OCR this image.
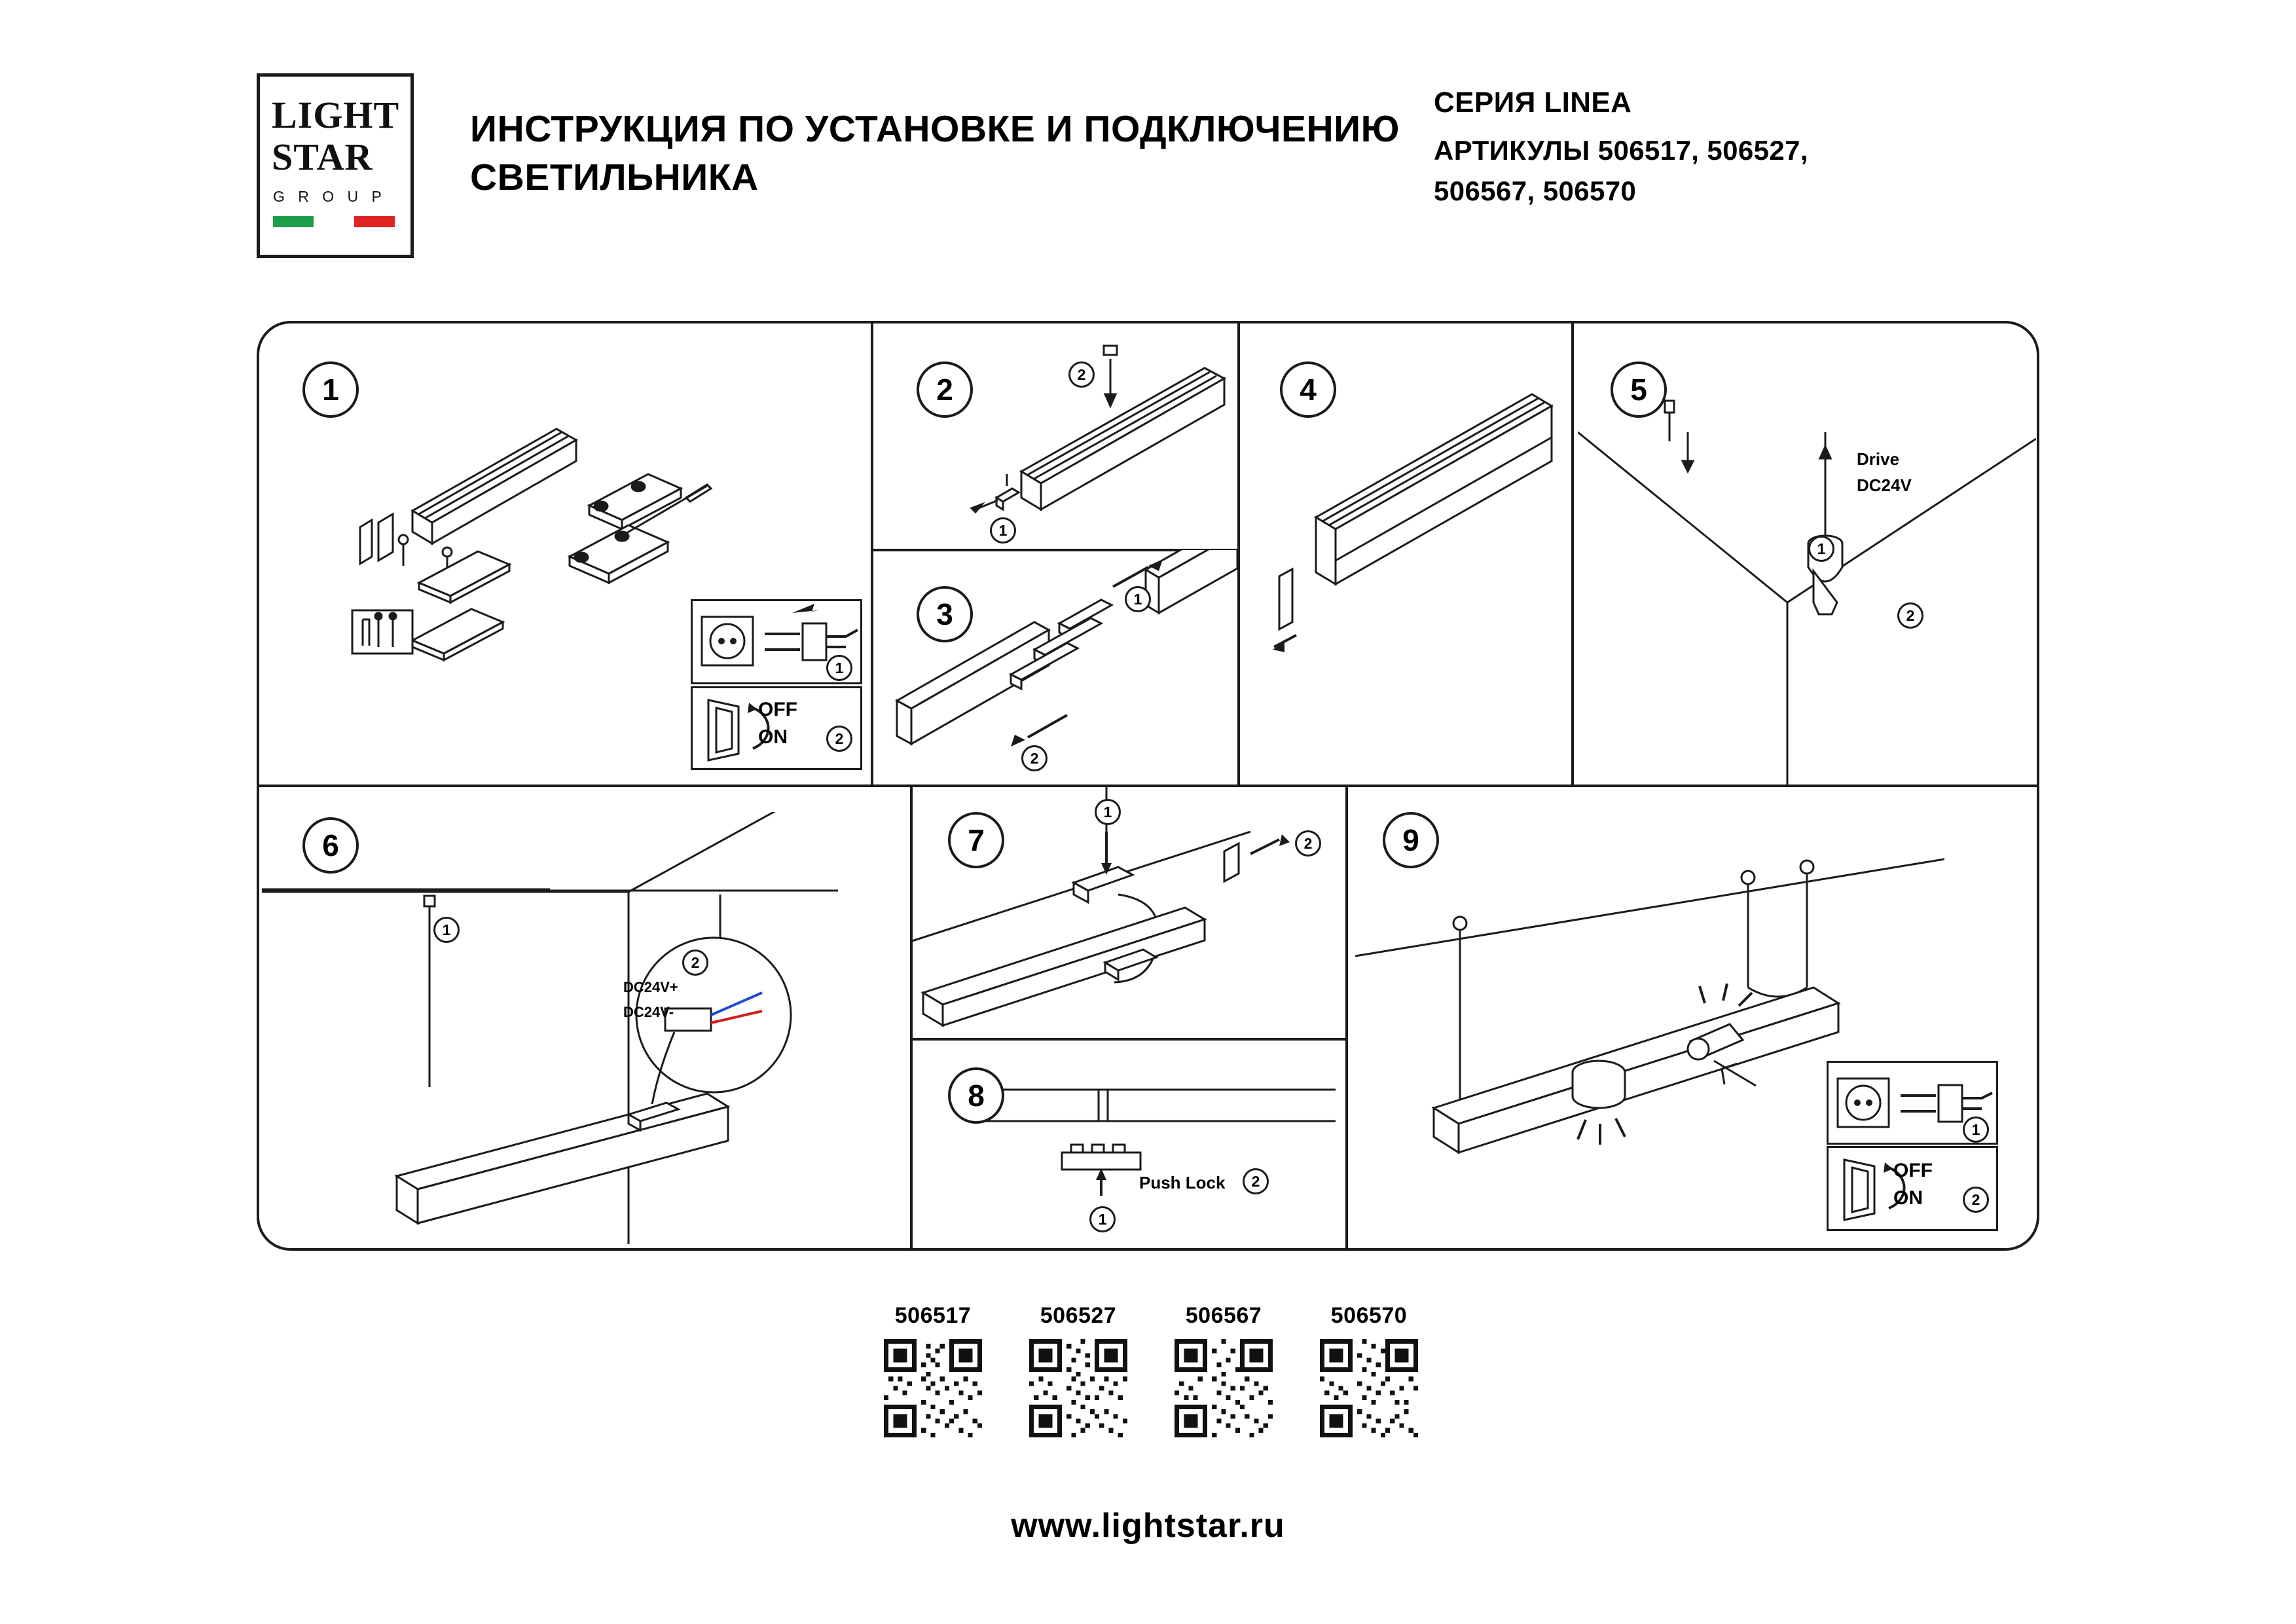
LIGHT
STAR
G R O U P
ИНСТРУКЦИЯ ПО УСТАНОВКЕ И ПОДКЛЮЧЕНИЮ СВЕТИЛЬНИКА
СЕРИЯ LINEA
АРТИКУЛЫ 506517, 506527,
506567, 506570
1
1
OFF
ON	2
2	2
1
3	1
2
4	5
Drive
DC24V
1
2
6
DC24V+
DC24V-
1
2
7
1
2
8
Push Lock	2
1
9
1
OFF
ON	2
506517	506527	506567	506570
www.lightstar.ru
